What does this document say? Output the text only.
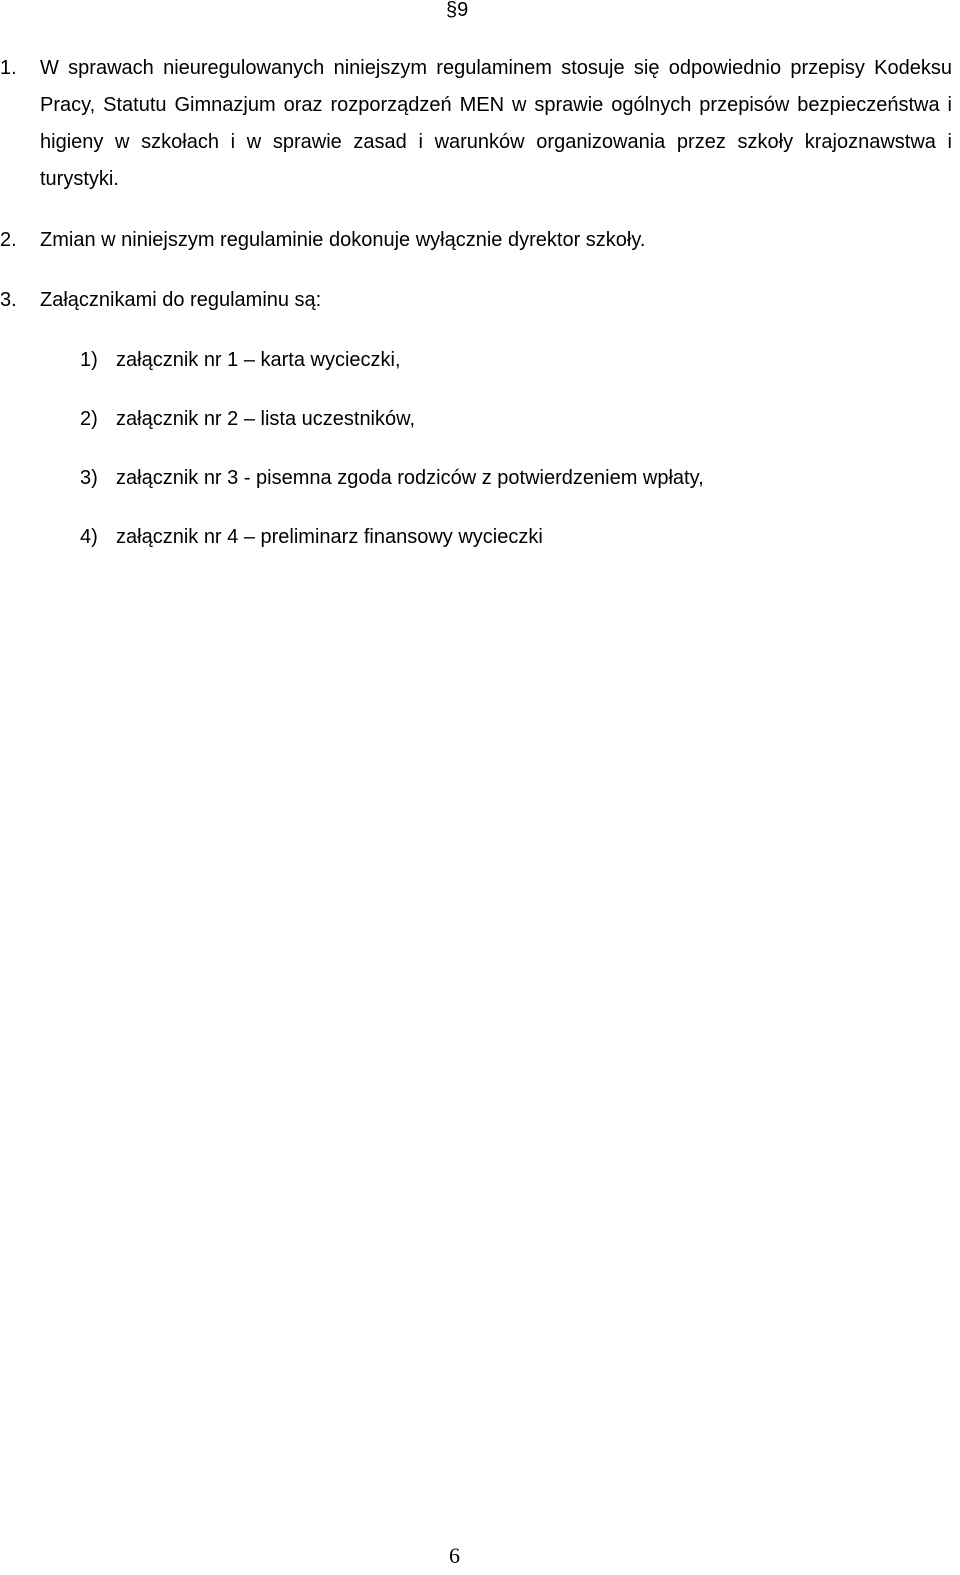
§9
1.	W sprawach nieuregulowanych niniejszym regulaminem stosuje się odpowiednio przepisy Kodeksu Pracy, Statutu Gimnazjum oraz rozporządzeń MEN w sprawie ogólnych przepisów bezpieczeństwa i higieny w szkołach i w sprawie zasad i warunków organizowania przez szkoły krajoznawstwa i turystyki.
2.	Zmian w niniejszym regulaminie dokonuje wyłącznie dyrektor szkoły.
3.	Załącznikami do regulaminu są:
1) załącznik nr 1 – karta wycieczki,
2) załącznik nr 2 – lista uczestników,
3) załącznik nr 3 - pisemna zgoda rodziców z potwierdzeniem wpłaty,
4) załącznik nr 4 – preliminarz finansowy wycieczki
6
